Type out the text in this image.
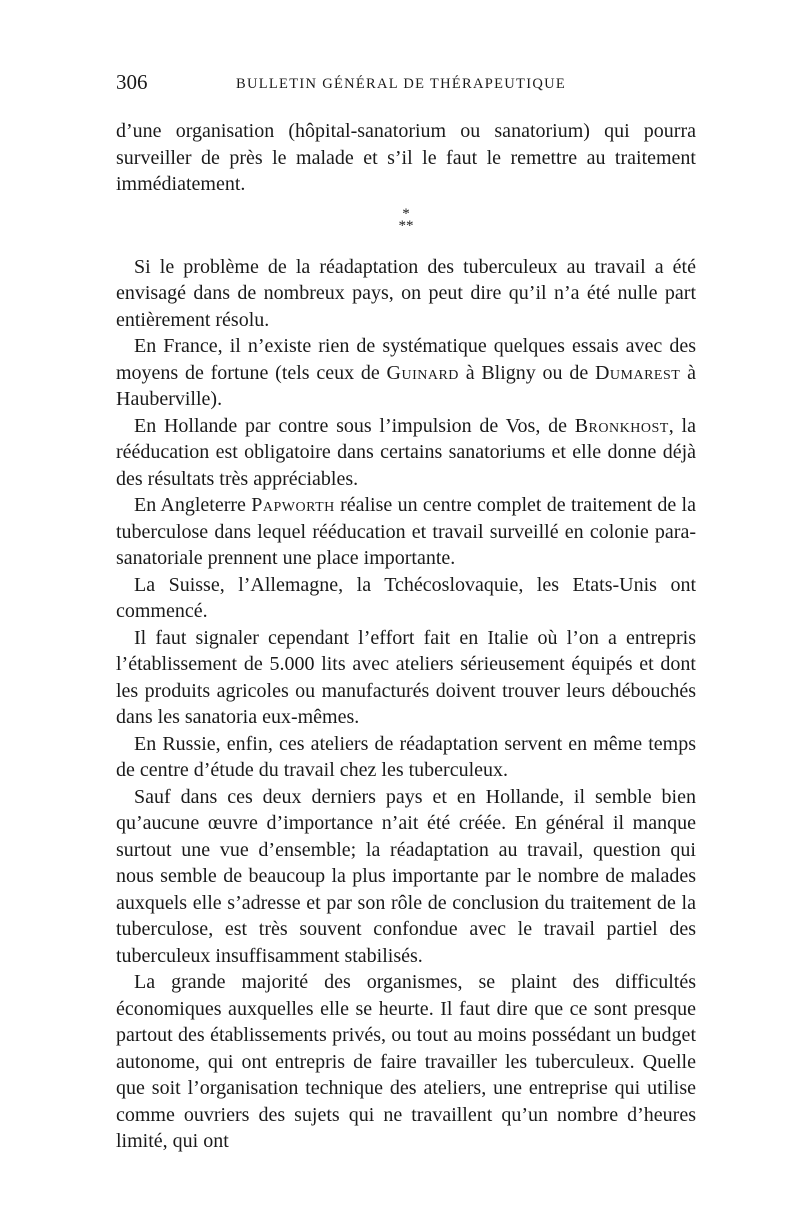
306	BULLETIN GÉNÉRAL DE THÉRAPEUTIQUE

d’une organisation (hôpital-sanatorium ou sanatorium) qui pourra surveiller de près le malade et s’il le faut le remettre au traitement immédiatement.

*
**

Si le problème de la réadaptation des tuberculeux au travail a été envisagé dans de nombreux pays, on peut dire qu’il n’a été nulle part entièrement résolu.

En France, il n’existe rien de systématique quelques essais avec des moyens de fortune (tels ceux de Guinard à Bligny ou de Dumarest à Hauberville).

En Hollande par contre sous l’impulsion de Vos, de Bronkhost, la rééducation est obligatoire dans certains sanatoriums et elle donne déjà des résultats très appréciables.

En Angleterre Papworth réalise un centre complet de traitement de la tuberculose dans lequel rééducation et travail surveillé en colonie para-sanatoriale prennent une place importante.

La Suisse, l’Allemagne, la Tchécoslovaquie, les Etats-Unis ont commencé.

Il faut signaler cependant l’effort fait en Italie où l’on a entrepris l’établissement de 5.000 lits avec ateliers sérieusement équipés et dont les produits agricoles ou manufacturés doivent trouver leurs débouchés dans les sanatoria eux-mêmes.

En Russie, enfin, ces ateliers de réadaptation servent en même temps de centre d’étude du travail chez les tuberculeux.

Sauf dans ces deux derniers pays et en Hollande, il semble bien qu’aucune œuvre d’importance n’ait été créée. En général il manque surtout une vue d’ensemble; la réadaptation au travail, question qui nous semble de beaucoup la plus importante par le nombre de malades auxquels elle s’adresse et par son rôle de conclusion du traitement de la tuberculose, est très souvent confondue avec le travail partiel des tuberculeux insuffisamment stabilisés.

La grande majorité des organismes, se plaint des difficultés économiques auxquelles elle se heurte. Il faut dire que ce sont presque partout des établissements privés, ou tout au moins possédant un budget autonome, qui ont entrepris de faire travailler les tuberculeux. Quelle que soit l’organisation technique des ateliers, une entreprise qui utilise comme ouvriers des sujets qui ne travaillent qu’un nombre d’heures limité, qui ont
